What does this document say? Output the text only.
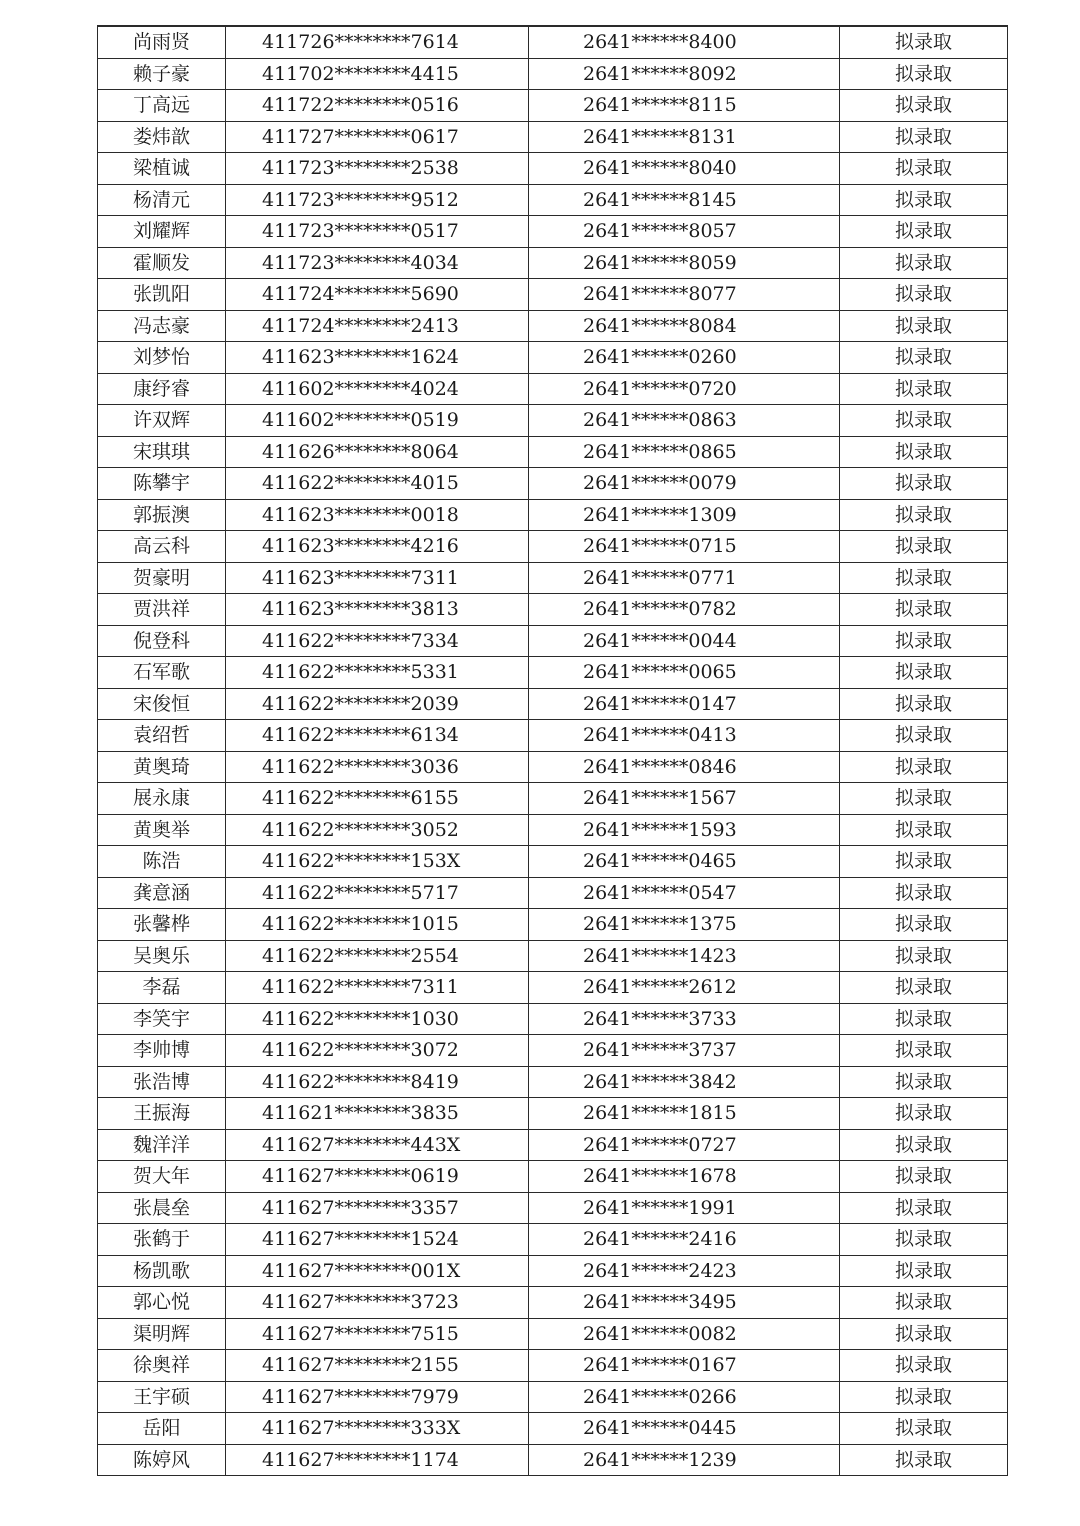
尚雨贤	411726********7614	2641******8400	拟录取
赖子豪	411702********4415	2641******8092	拟录取
丁高远	411722********0516	2641******8115	拟录取
娄炜歆	411727********0617	2641******8131	拟录取
梁植诚	411723********2538	2641******8040	拟录取
杨清元	411723********9512	2641******8145	拟录取
刘耀辉	411723********0517	2641******8057	拟录取
霍顺发	411723********4034	2641******8059	拟录取
张凯阳	411724********5690	2641******8077	拟录取
冯志豪	411724********2413	2641******8084	拟录取
刘梦怡	411623********1624	2641******0260	拟录取
康纾睿	411602********4024	2641******0720	拟录取
许双辉	411602********0519	2641******0863	拟录取
宋琪琪	411626********8064	2641******0865	拟录取
陈攀宇	411622********4015	2641******0079	拟录取
郭振澳	411623********0018	2641******1309	拟录取
高云科	411623********4216	2641******0715	拟录取
贺豪明	411623********7311	2641******0771	拟录取
贾洪祥	411623********3813	2641******0782	拟录取
倪登科	411622********7334	2641******0044	拟录取
石军歌	411622********5331	2641******0065	拟录取
宋俊恒	411622********2039	2641******0147	拟录取
袁绍哲	411622********6134	2641******0413	拟录取
黄奥琦	411622********3036	2641******0846	拟录取
展永康	411622********6155	2641******1567	拟录取
黄奥举	411622********3052	2641******1593	拟录取
陈浩	411622********153X	2641******0465	拟录取
龚意涵	411622********5717	2641******0547	拟录取
张馨桦	411622********1015	2641******1375	拟录取
吴奥乐	411622********2554	2641******1423	拟录取
李磊	411622********7311	2641******2612	拟录取
李笑宇	411622********1030	2641******3733	拟录取
李帅博	411622********3072	2641******3737	拟录取
张浩博	411622********8419	2641******3842	拟录取
王振海	411621********3835	2641******1815	拟录取
魏洋洋	411627********443X	2641******0727	拟录取
贺大年	411627********0619	2641******1678	拟录取
张晨垒	411627********3357	2641******1991	拟录取
张鹤于	411627********1524	2641******2416	拟录取
杨凯歌	411627********001X	2641******2423	拟录取
郭心悦	411627********3723	2641******3495	拟录取
渠明辉	411627********7515	2641******0082	拟录取
徐奥祥	411627********2155	2641******0167	拟录取
王宇硕	411627********7979	2641******0266	拟录取
岳阳	411627********333X	2641******0445	拟录取
陈婷风	411627********1174	2641******1239	拟录取
